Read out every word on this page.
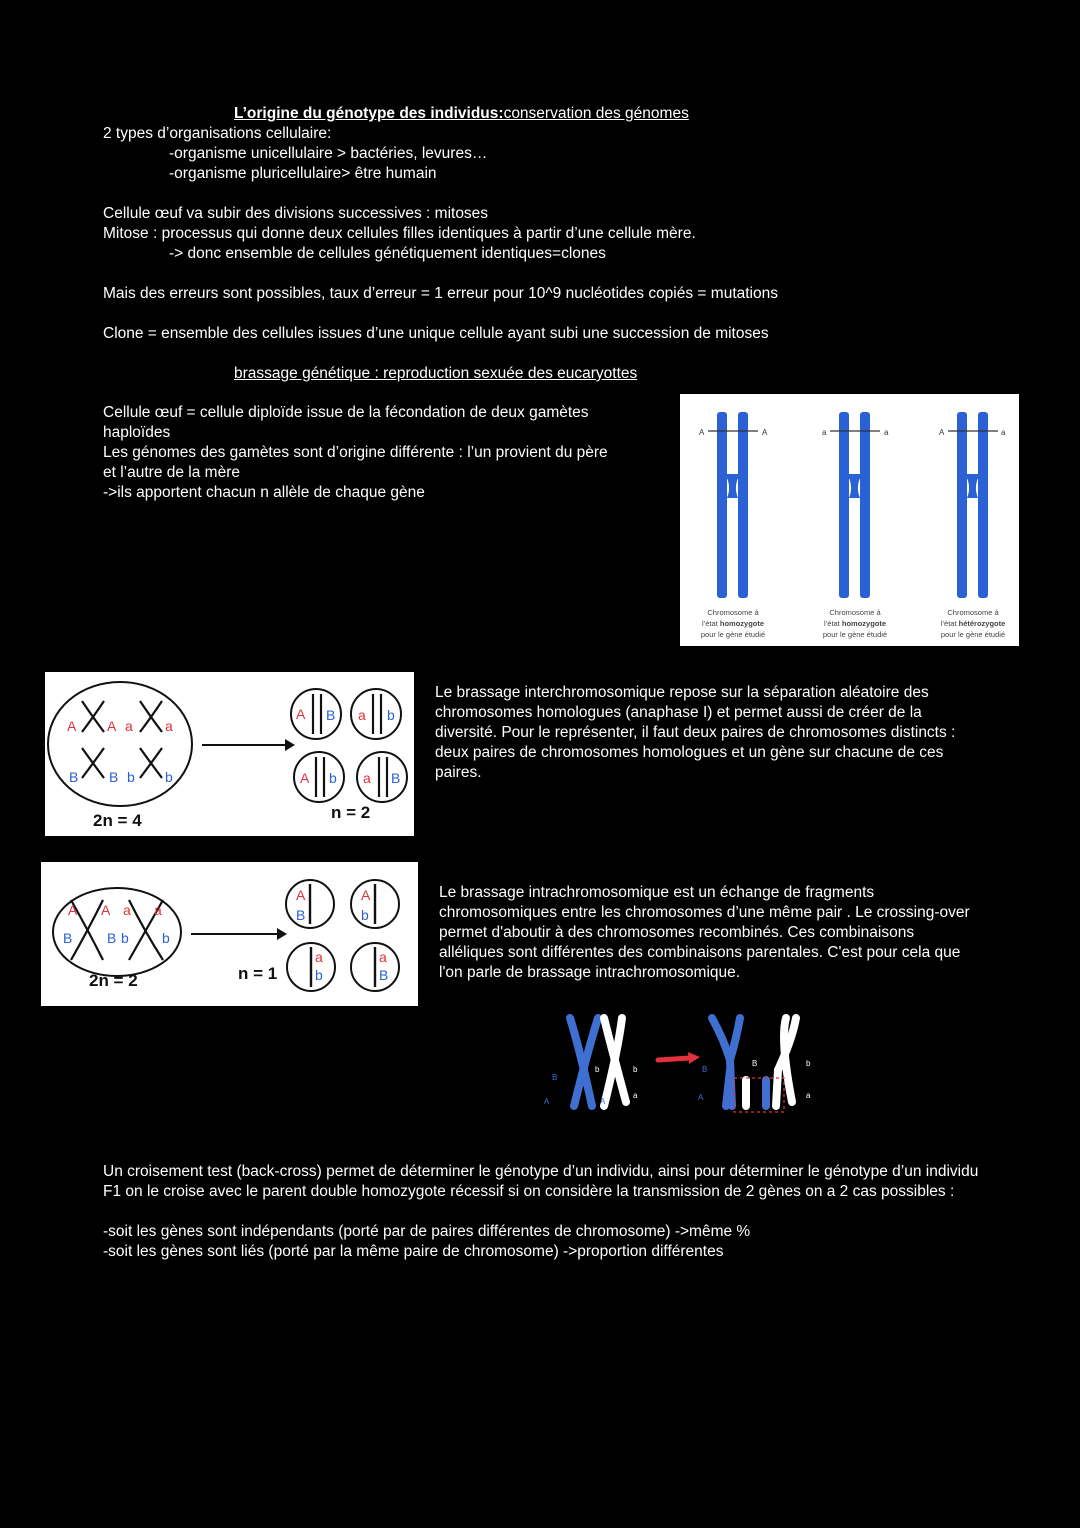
L’origine du génotype des individus:conservation des génomes
2 types d’organisations cellulaire:
-organisme unicellulaire > bactéries, levures…
-organisme pluricellulaire> être humain
Cellule œuf va subir des divisions successives : mitoses
Mitose : processus qui donne deux cellules filles identiques à partir d’une cellule mère.
-> donc ensemble de cellules génétiquement identiques=clones
Mais des erreurs sont possibles, taux d’erreur = 1 erreur pour 10^9 nucléotides copiés = mutations
Clone = ensemble des cellules issues d’une unique cellule ayant subi une succession de mitoses
brassage génétique : reproduction sexuée des eucaryottes
Cellule œuf = cellule diploïde issue de la fécondation de deux gamètes
haploïdes
Les génomes des gamètes sont d’origine différente : l’un provient du père
et l’autre de la mère
->ils apportent chacun n allèle de chaque gène
A	A	a	a	A	a
Chromosome à
l’état homozygote
pour le gène étudié
Chromosome à
l’état homozygote
pour le gène étudié
Chromosome à
l’état hétérozygote
pour le gène étudié
A A a a
B B b b
A B a b
A b a B
2n = 4	n = 2
Le brassage interchromosomique repose sur la séparation aléatoire des chromosomes homologues (anaphase I) et permet aussi de créer de la diversité. Pour le représenter, il faut deux paires de chromosomes distincts : deux paires de chromosomes homologues et un gène sur chacune de ces paires.
A A a a
B B b b
A
B
A
b
a
b
a
B
2n = 2	n = 1
Le brassage intrachromosomique est un échange de fragments chromosomiques entre les chromosomes d’une même pair . Le crossing-over permet d'aboutir à des chromosomes recombinés. Ces combinaisons alléliques sont différentes des combinaisons parentales. C'est pour cela que l'on parle de brassage intrachromosomique.
B
A
b	b
a
A
B
A
B	b
a
Un croisement test (back-cross) permet de déterminer le génotype d’un individu, ainsi pour déterminer le génotype d’un individu F1 on le croise avec le parent double homozygote récessif si on considère la transmission de 2 gènes on a 2 cas possibles :
-soit les gènes sont indépendants (porté par de paires différentes de chromosome) ->même %
-soit les gènes sont liés (porté par la même paire de chromosome) ->proportion différentes
